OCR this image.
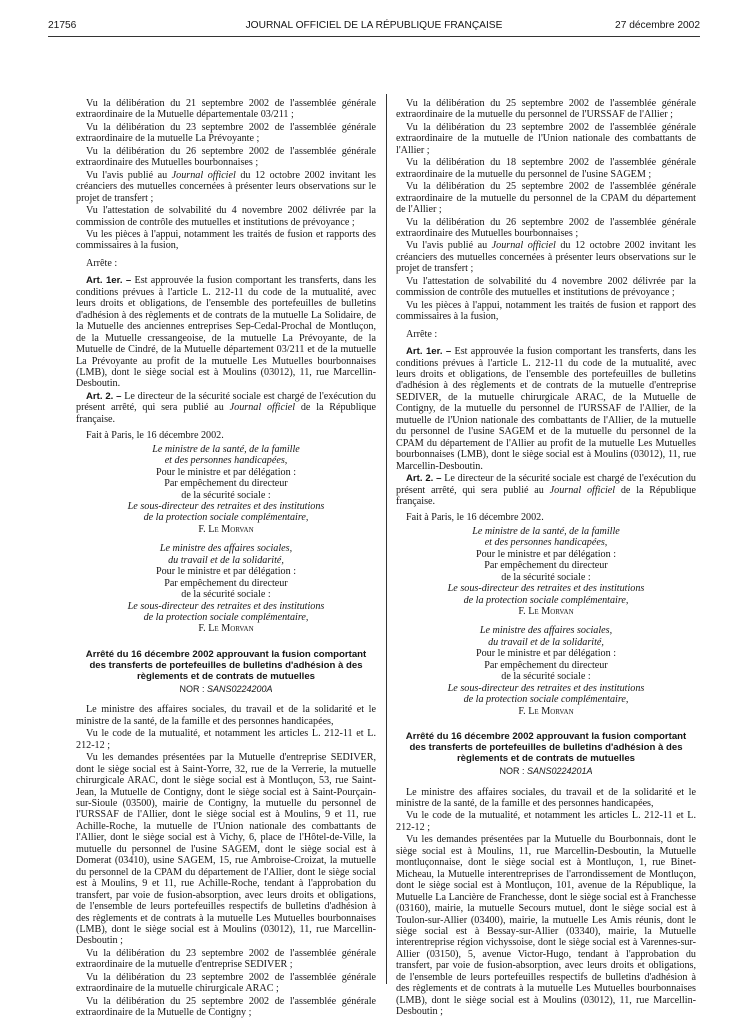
21756	JOURNAL OFFICIEL DE LA RÉPUBLIQUE FRANÇAISE	27 décembre 2002

Vu la délibération du 21 septembre 2002 de l'assemblée générale extraordinaire de la Mutuelle départementale 03/211 ;

Vu la délibération du 23 septembre 2002 de l'assemblée générale extraordinaire de la mutuelle La Prévoyante ;

Vu la délibération du 26 septembre 2002 de l'assemblée générale extraordinaire des Mutuelles bourbonnaises ;

Vu l'avis publié au Journal officiel du 12 octobre 2002 invitant les créanciers des mutuelles concernées à présenter leurs observations sur le projet de transfert ;

Vu l'attestation de solvabilité du 4 novembre 2002 délivrée par la commission de contrôle des mutuelles et institutions de prévoyance ;

Vu les pièces à l'appui, notamment les traités de fusion et rapports des commissaires à la fusion,

Arrête :

Art. 1er. – Est approuvée la fusion comportant les transferts, dans les conditions prévues à l'article L. 212-11 du code de la mutualité, avec leurs droits et obligations, de l'ensemble des portefeuilles de bulletins d'adhésion à des règlements et de contrats de la mutuelle La Solidaire, de la Mutuelle des anciennes entreprises Sep-Cedal-Prochal de Montluçon, de la Mutuelle cressangeoise, de la mutuelle La Prévoyante, de la Mutuelle de Cindré, de la Mutuelle département 03/211 et de la mutuelle La Prévoyante au profit de la mutuelle Les Mutuelles bourbonnaises (LMB), dont le siège social est à Moulins (03012), 11, rue Marcellin-Desboutin.

Art. 2. – Le directeur de la sécurité sociale est chargé de l'exécution du présent arrêté, qui sera publié au Journal officiel de la République française.

Fait à Paris, le 16 décembre 2002.

Le ministre de la santé, de la famille
et des personnes handicapées,
Pour le ministre et par délégation :
Par empêchement du directeur
de la sécurité sociale :
Le sous-directeur des retraites et des institutions
de la protection sociale complémentaire,
F. Le Morvan
Le ministre des affaires sociales,
du travail et de la solidarité,
Pour le ministre et par délégation :
Par empêchement du directeur
de la sécurité sociale :
Le sous-directeur des retraites et des institutions
de la protection sociale complémentaire,
F. Le Morvan
Arrêté du 16 décembre 2002 approuvant la fusion comportant des transferts de portefeuilles de bulletins d'adhésion à des règlements et de contrats de mutuelles
NOR : SANS0224200A

Le ministre des affaires sociales, du travail et de la solidarité et le ministre de la santé, de la famille et des personnes handicapées,

Vu le code de la mutualité, et notamment les articles L. 212-11 et L. 212-12 ;

Vu les demandes présentées par la Mutuelle d'entreprise SEDIVER, dont le siège social est à Saint-Yorre, 32, rue de la Verrerie, la mutuelle chirurgicale ARAC, dont le siège social est à Montluçon, 53, rue Saint-Jean, la Mutuelle de Contigny, dont le siège social est à Saint-Pourçain-sur-Sioule (03500), mairie de Contigny, la mutuelle du personnel de l'URSSAF de l'Allier, dont le siège social est à Moulins, 9 et 11, rue Achille-Roche, la mutuelle de l'Union nationale des combattants de l'Allier, dont le siège social est à Vichy, 6, place de l'Hôtel-de-Ville, la mutuelle du personnel de l'usine SAGEM, dont le siège social est à Domerat (03410), usine SAGEM, 15, rue Ambroise-Croizat, la mutuelle du personnel de la CPAM du département de l'Allier, dont le siège social est à Moulins, 9 et 11, rue Achille-Roche, tendant à l'approbation du transfert, par voie de fusion-absorption, avec leurs droits et obligations, de l'ensemble de leurs portefeuilles respectifs de bulletins d'adhésion à des règlements et de contrats à la mutuelle Les Mutuelles bourbonnaises (LMB), dont le siège social est à Moulins (03012), 11, rue Marcellin-Desboutin ;

Vu la délibération du 23 septembre 2002 de l'assemblée générale extraordinaire de la mutuelle d'entreprise SEDIVER ;

Vu la délibération du 23 septembre 2002 de l'assemblée générale extraordinaire de la mutuelle chirurgicale ARAC ;

Vu la délibération du 25 septembre 2002 de l'assemblée générale extraordinaire de la Mutuelle de Contigny ;

Vu la délibération du 25 septembre 2002 de l'assemblée générale extraordinaire de la mutuelle du personnel de l'URSSAF de l'Allier ;

Vu la délibération du 23 septembre 2002 de l'assemblée générale extraordinaire de la mutuelle de l'Union nationale des combattants de l'Allier ;

Vu la délibération du 18 septembre 2002 de l'assemblée générale extraordinaire de la mutuelle du personnel de l'usine SAGEM ;

Vu la délibération du 25 septembre 2002 de l'assemblée générale extraordinaire de la mutuelle du personnel de la CPAM du département de l'Allier ;

Vu la délibération du 26 septembre 2002 de l'assemblée générale extraordinaire des Mutuelles bourbonnaises ;

Vu l'avis publié au Journal officiel du 12 octobre 2002 invitant les créanciers des mutuelles concernées à présenter leurs observations sur le projet de transfert ;

Vu l'attestation de solvabilité du 4 novembre 2002 délivrée par la commission de contrôle des mutuelles et institutions de prévoyance ;

Vu les pièces à l'appui, notamment les traités de fusion et rapport des commissaires à la fusion,

Arrête :

Art. 1er. – Est approuvée la fusion comportant les transferts, dans les conditions prévues à l'article L. 212-11 du code de la mutualité, avec leurs droits et obligations, de l'ensemble des portefeuilles de bulletins d'adhésion à des règlements et de contrats de la mutuelle d'entreprise SEDIVER, de la mutuelle chirurgicale ARAC, de la Mutuelle de Contigny, de la mutuelle du personnel de l'URSSAF de l'Allier, de la mutuelle de l'Union nationale des combattants de l'Allier, de la mutuelle du personnel de l'usine SAGEM et de la mutuelle du personnel de la CPAM du département de l'Allier au profit de la mutuelle Les Mutuelles bourbonnaises (LMB), dont le siège social est à Moulins (03012), 11, rue Marcellin-Desboutin.

Art. 2. – Le directeur de la sécurité sociale est chargé de l'exécution du présent arrêté, qui sera publié au Journal officiel de la République française.

Fait à Paris, le 16 décembre 2002.

Le ministre de la santé, de la famille
et des personnes handicapées,
Pour le ministre et par délégation :
Par empêchement du directeur
de la sécurité sociale :
Le sous-directeur des retraites et des institutions
de la protection sociale complémentaire,
F. Le Morvan
Le ministre des affaires sociales,
du travail et de la solidarité,
Pour le ministre et par délégation :
Par empêchement du directeur
de la sécurité sociale :
Le sous-directeur des retraites et des institutions
de la protection sociale complémentaire,
F. Le Morvan
Arrêté du 16 décembre 2002 approuvant la fusion comportant des transferts de portefeuilles de bulletins d'adhésion à des règlements et de contrats de mutuelles
NOR : SANS0224201A

Le ministre des affaires sociales, du travail et de la solidarité et le ministre de la santé, de la famille et des personnes handicapées,

Vu le code de la mutualité, et notamment les articles L. 212-11 et L. 212-12 ;

Vu les demandes présentées par la Mutuelle du Bourbonnais, dont le siège social est à Moulins, 11, rue Marcellin-Desboutin, la Mutuelle montluçonnaise, dont le siège social est à Montluçon, 1, rue Binet-Micheau, la Mutuelle interentreprises de l'arrondissement de Montluçon, dont le siège social est à Montluçon, 101, avenue de la République, la Mutuelle La Lancière de Franchesse, dont le siège social est à Franchesse (03160), mairie, la mutuelle Secours mutuel, dont le siège social est à Toulon-sur-Allier (03400), mairie, la mutuelle Les Amis réunis, dont le siège social est à Bessay-sur-Allier (03340), mairie, la Mutuelle interentreprise région vichyssoise, dont le siège social est à Varennes-sur-Allier (03150), 5, avenue Victor-Hugo, tendant à l'approbation du transfert, par voie de fusion-absorption, avec leurs droits et obligations, de l'ensemble de leurs portefeuilles respectifs de bulletins d'adhésion à des règlements et de contrats à la mutuelle Les Mutuelles bourbonnaises (LMB), dont le siège social est à Moulins (03012), 11, rue Marcellin-Desboutin ;
